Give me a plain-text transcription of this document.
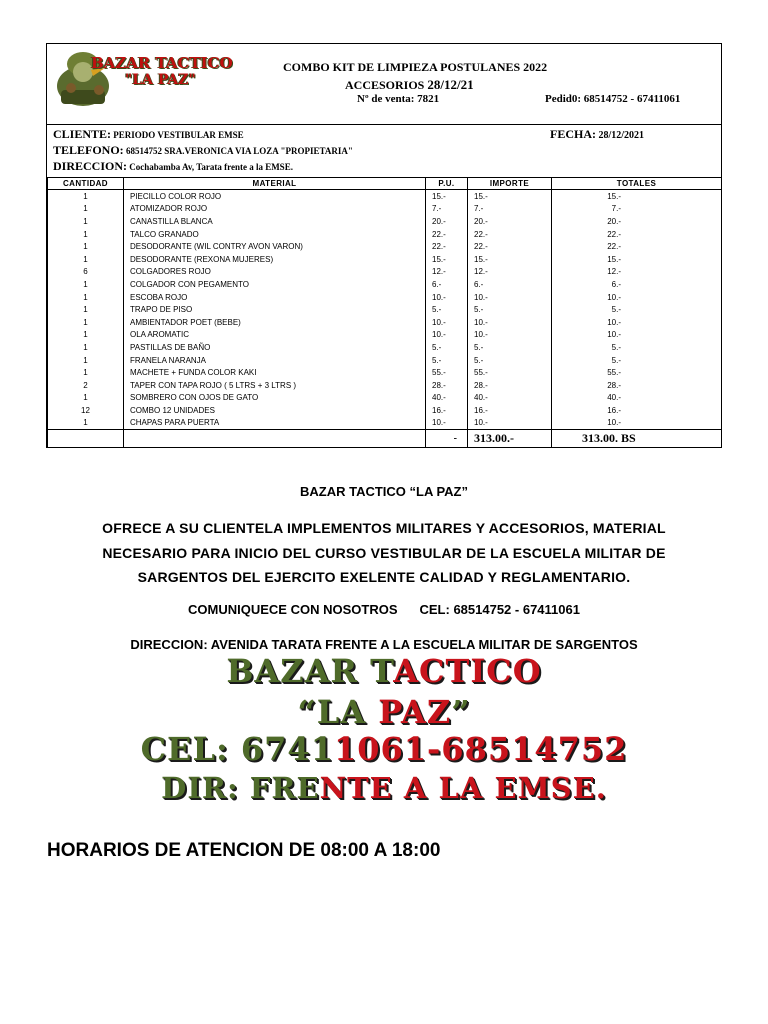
BAZAR TACTICO
"LA PAZ"
COMBO KIT DE LIMPIEZA POSTULANES 2022
ACCESORIOS 28/12/21
Nº de venta: 7821	Pedid0: 68514752 - 67411061
CLIENTE: PERIODO VESTIBULAR EMSE
TELEFONO: 68514752 SRA.VERONICA VIA LOZA "PROPIETARIA"
DIRECCION: Cochabamba Av, Tarata frente a la EMSE.
FECHA: 28/12/2021
CANTIDAD	MATERIAL	P.U.	IMPORTE	TOTALES
1	PIECILLO COLOR ROJO	15.-	15.-	15.-
1	ATOMIZADOR ROJO	7.-	7.-	7.-
1	CANASTILLA BLANCA	20.-	20.-	20.-
1	TALCO GRANADO	22.-	22.-	22.-
1	DESODORANTE (WIL CONTRY AVON VARON)	22.-	22.-	22.-
1	DESODORANTE (REXONA MUJERES)	15.-	15.-	15.-
6	COLGADORES ROJO	12.-	12.-	12.-
1	COLGADOR CON PEGAMENTO	6.-	6.-	6.-
1	ESCOBA ROJO	10.-	10.-	10.-
1	TRAPO DE PISO	5.-	5.-	5.-
1	AMBIENTADOR POET (BEBE)	10.-	10.-	10.-
1	OLA AROMATIC	10.-	10.-	10.-
1	PASTILLAS DE BAÑO	5.-	5.-	5.-
1	FRANELA NARANJA	5.-	5.-	5.-
1	MACHETE + FUNDA COLOR KAKI	55.-	55.-	55.-
2	TAPER CON TAPA ROJO ( 5 LTRS + 3 LTRS )	28.-	28.-	28.-
1	SOMBRERO CON OJOS DE GATO	40.-	40.-	40.-
12	COMBO 12 UNIDADES	16.-	16.-	16.-
1	CHAPAS PARA PUERTA	10.-	10.-	10.-
		-	313.00.-	313.00. BS
BAZAR TACTICO “LA PAZ”
OFRECE A SU CLIENTELA IMPLEMENTOS MILITARES Y ACCESORIOS, MATERIAL
NECESARIO PARA INICIO DEL CURSO VESTIBULAR DE LA ESCUELA MILITAR DE
SARGENTOS DEL EJERCITO EXELENTE CALIDAD Y REGLAMENTARIO.
COMUNIQUECE CON NOSOTROS CEL: 68514752 - 67411061
DIRECCION: AVENIDA TARATA FRENTE A LA ESCUELA MILITAR DE SARGENTOS
BAZAR TACTICO
“LA PAZ”
CEL: 67411061-68514752
DIR: FRENTE A LA EMSE.
HORARIOS DE ATENCION DE 08:00 A 18:00
